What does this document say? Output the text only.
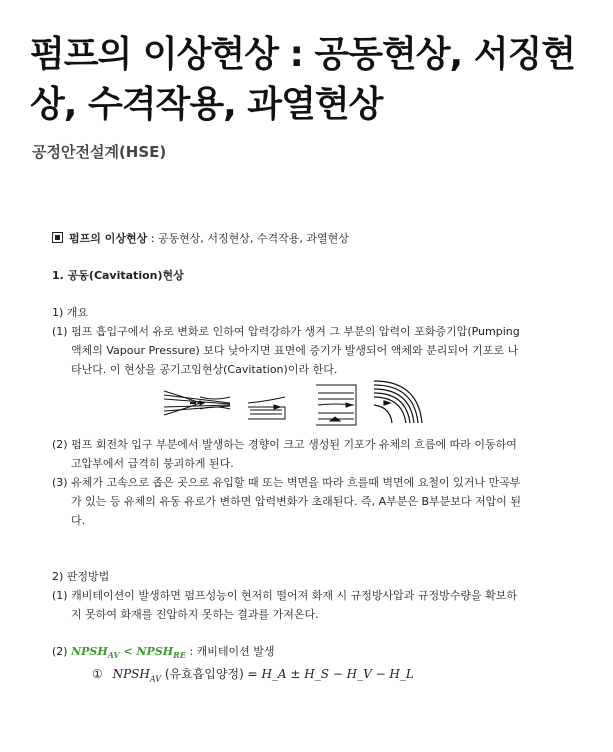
펌프의 이상현상 : 공동현상, 서징현상, 수격작용, 과열현상
공정안전설계(HSE)
펌프의 이상현상 : 공동현상, 서징현상, 수격작용, 과열현상
1. 공동(Cavitation)현상
1) 개요
(1) 펌프 흡입구에서 유로 변화로 인하여 압력강하가 생겨 그 부분의 압력이 포화증기압(Pumping
액체의 Vapour Pressure) 보다 낮아지면 표면에 증기가 발생되어 액체와 분리되어 기포로 나
타난다. 이 현상을 공기고임현상(Cavitation)이라 한다.
(2) 펌프 회전차 입구 부분에서 발생하는 경향이 크고 생성된 기포가 유체의 흐름에 따라 이동하여
고압부에서 급격히 붕괴하게 된다.
(3) 유체가 고속으로 좁은 곳으로 유입할 때 또는 벽면을 따라 흐를때 벽면에 요철이 있거나 만곡부
가 있는 등 유체의 유동 유로가 변하면 압력변화가 초래된다. 즉, A부분은 B부분보다 저압이 된
다.
2) 판정방법
(1) 캐비테이션이 발생하면 펌프성능이 현저히 떨어져 화재 시 규정방사압과 규정방수량을 확보하
지 못하여 화재를 진압하지 못하는 결과를 가져온다.
(2) $NPSH_{AV}$ < $NPSH_{RE}$ : 캐비테이션 발생
① $NPSH_{AV}$ (유효흡입양정) = H_A ± H_S − H_V − H_L
